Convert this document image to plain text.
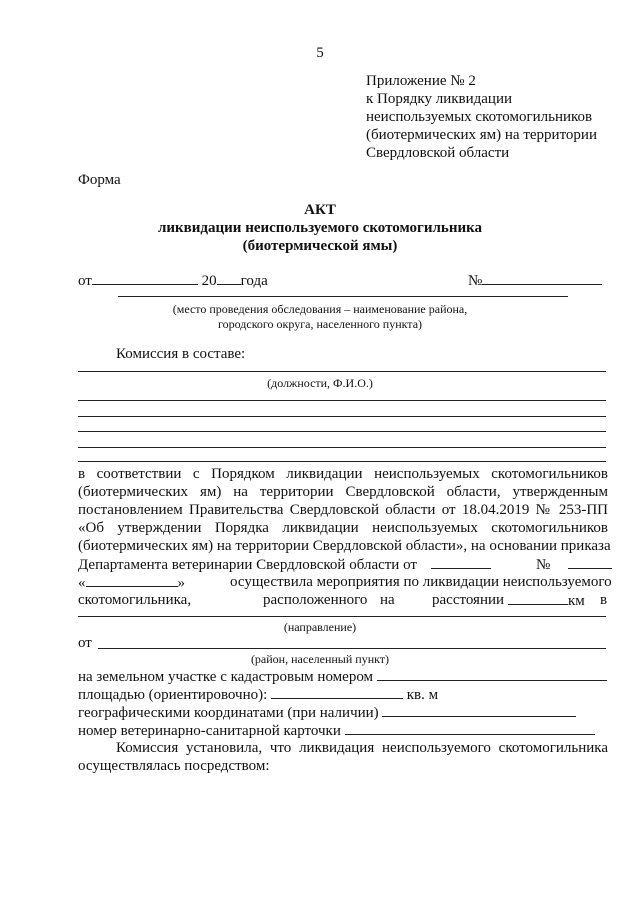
5
Приложение № 2
к Порядку ликвидации
неиспользуемых скотомогильников
(биотермических ям) на территории
Свердловской области
Форма
АКТ
ликвидации неиспользуемого скотомогильника
(биотермической ямы)
от	20 года	№
(место проведения обследования – наименование района,
городского округа, населенного пункта)
Комиссия в составе:
(должности, Ф.И.О.)
в соответствии с Порядком ликвидации неиспользуемых скотомогильников
(биотермических ям) на территории Свердловской области, утвержденным
постановлением Правительства Свердловской области от 18.04.2019 № 253-ПП
«Об утверждении Порядка ликвидации неиспользуемых скотомогильников
(биотермических ям) на территории Свердловской области», на основании приказа
Департамента ветеринарии Свердловской области от	№
«	»	осуществила мероприятия по ликвидации неиспользуемого
скотомогильника,	расположенного на расстоянии	км в
(направление)
от
(район, населенный пункт)
на земельном участке с кадастровым номером
площадью (ориентировочно):	кв. м
географическими координатами (при наличии)
номер ветеринарно-санитарной карточки
Комиссия установила, что ликвидация неиспользуемого скотомогильника
осуществлялась посредством:
